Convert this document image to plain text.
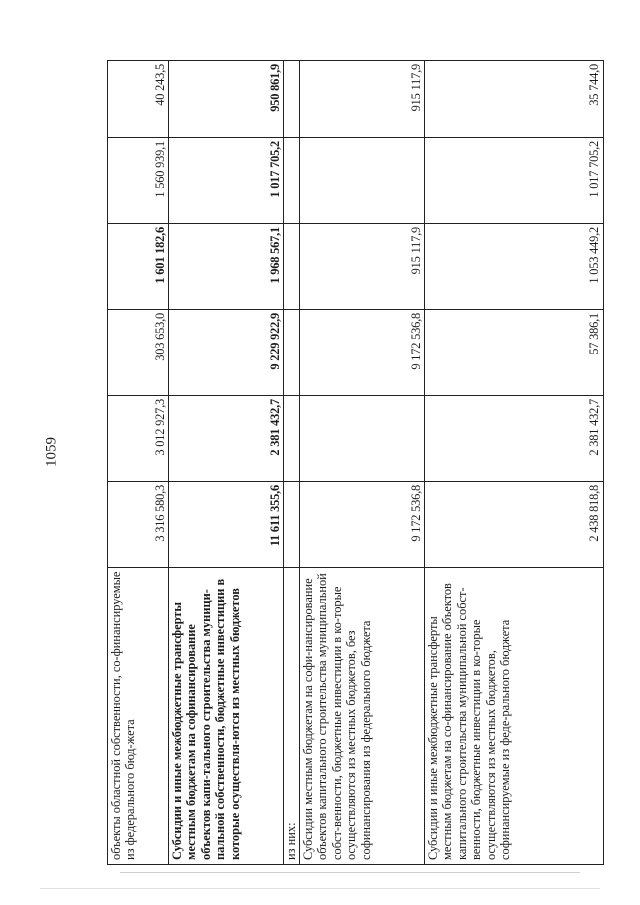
1059
объекты областной собственности, со-финансируемые из федерального бюд-жета
3 316 580,3
3 012 927,3
303 653,0
1 601 182,6
1 560 939,1
40 243,5
Субсидии и иные межбюджетные трансферты местным бюджетам на софинансирование объектов капи-тального строительства муници-пальной собственности, бюджетные инвестиции в которые осуществля-ются из местных бюджетов
11 611 355,6
2 381 432,7
9 229 922,9
1 968 567,1
1 017 705,2
950 861,9
из них: Субсидии местным бюджетам на софи-нансирование объектов капитального строительства муниципальной собст-венности, бюджетные инвестиции в ко-торые осуществляются из местных бюджетов, без софинансирования из федерального бюджета
9 172 536,8
9 172 536,8
915 117,9
915 117,9
Субсидии и иные межбюджетные трансферты местным бюджетам на со-финансирование объектов капитального строительства муниципальной собст-венности, бюджетные инвестиции в ко-торые осуществляются из местных бюджетов, софинансируемые из феде-рального бюджета
2 438 818,8
2 381 432,7
57 386,1
1 053 449,2
1 017 705,2
35 744,0
